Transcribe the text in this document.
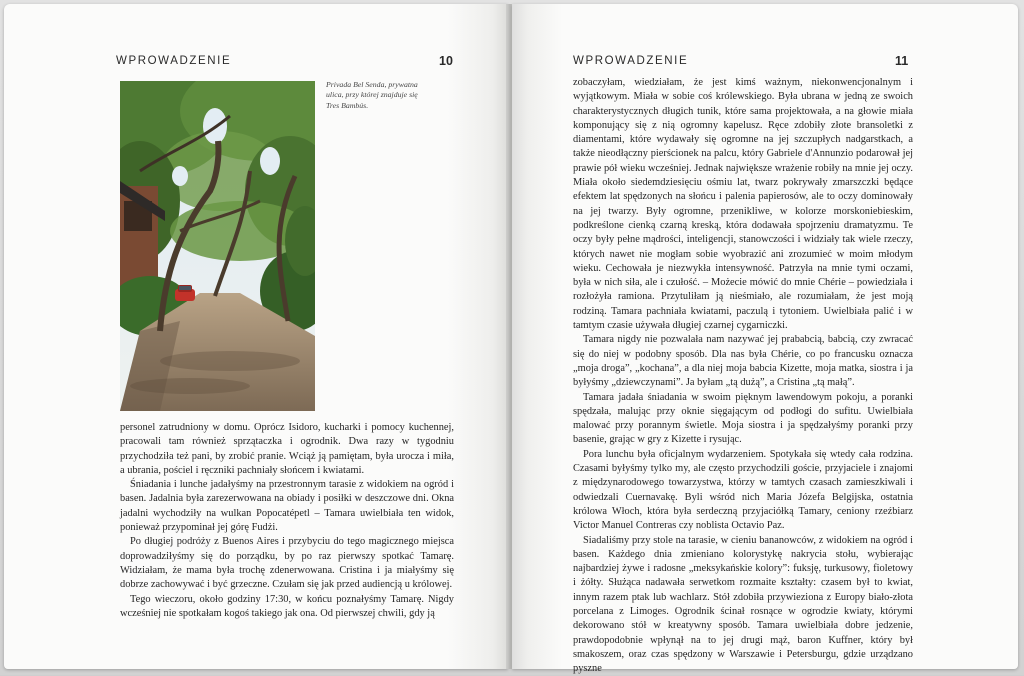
WPROWADZENIE	10
Privada Bel Senda, prywatna ulica, przy której znajduje się Tres Bambús.

personel zatrudniony w domu. Oprócz Isidoro, kucharki i pomocy kuchennej, pracowali tam również sprzątaczka i ogrodnik. Dwa razy w tygodniu przychodziła też pani, by zrobić pranie. Wciąż ją pamiętam, była urocza i miła, a ubrania, pościel i ręczniki pachniały słońcem i kwiatami.

Śniadania i lunche jadałyśmy na przestronnym tarasie z widokiem na ogród i basen. Jadalnia była zarezerwowana na obiady i posiłki w deszczowe dni. Okna jadalni wychodziły na wulkan Popocatépetl – Tamara uwielbiała ten widok, ponieważ przypominał jej górę Fudżi.

Po długiej podróży z Buenos Aires i przybyciu do tego magicznego miejsca doprowadziłyśmy się do porządku, by po raz pierwszy spotkać Tamarę. Widziałam, że mama była trochę zdenerwowana. Cristina i ja miałyśmy się dobrze zachowywać i być grzeczne. Czułam się jak przed audiencją u królowej.

Tego wieczoru, około godziny 17:30, w końcu poznałyśmy Tamarę. Nigdy wcześniej nie spotkałam kogoś takiego jak ona. Od pierwszej chwili, gdy ją

WPROWADZENIE	11

zobaczyłam, wiedziałam, że jest kimś ważnym, niekonwencjonalnym i wyjątkowym. Miała w sobie coś królewskiego. Była ubrana w jedną ze swoich charakterystycznych długich tunik, które sama projektowała, a na głowie miała komponujący się z nią ogromny kapelusz. Ręce zdobiły złote bransoletki z diamentami, które wydawały się ogromne na jej szczupłych nadgarstkach, a także nieodłączny pierścionek na palcu, który Gabriele d'Annunzio podarował jej prawie pół wieku wcześniej. Jednak największe wrażenie robiły na mnie jej oczy. Miała około siedemdziesięciu ośmiu lat, twarz pokrywały zmarszczki będące efektem lat spędzonych na słońcu i palenia papierosów, ale to oczy dominowały na jej twarzy. Były ogromne, przenikliwe, w kolorze morskoniebieskim, podkreślone cienką czarną kreską, która dodawała spojrzeniu dramatyzmu. Te oczy były pełne mądrości, inteligencji, stanowczości i widziały tak wiele rzeczy, których nawet nie mogłam sobie wyobrazić ani zrozumieć w moim młodym wieku. Cechowała je niezwykła intensywność. Patrzyła na mnie tymi oczami, była w nich siła, ale i czułość. – Możecie mówić do mnie Chérie – powiedziała i rozłożyła ramiona. Przytuliłam ją nieśmiało, ale rozumiałam, że jest moją rodziną. Tamara pachniała kwiatami, paczulą i tytoniem. Uwielbiała palić i w tamtym czasie używała długiej czarnej cygarniczki.

Tamara nigdy nie pozwalała nam nazywać jej prababcią, babcią, czy zwracać się do niej w podobny sposób. Dla nas była Chérie, co po francusku oznacza „moja droga”, „kochana”, a dla niej moja babcia Kizette, moja matka, siostra i ja byłyśmy „dziewczynami”. Ja byłam „tą dużą”, a Cristina „tą małą”.

Tamara jadała śniadania w swoim pięknym lawendowym pokoju, a poranki spędzała, malując przy oknie sięgającym od podłogi do sufitu. Uwielbiała malować przy porannym świetle. Moja siostra i ja spędzałyśmy poranki przy basenie, grając w gry z Kizette i rysując.

Pora lunchu była oficjalnym wydarzeniem. Spotykała się wtedy cała rodzina. Czasami byłyśmy tylko my, ale często przychodzili goście, przyjaciele i znajomi z międzynarodowego towarzystwa, którzy w tamtych czasach zamieszkiwali i odwiedzali Cuernavakę. Byli wśród nich Maria Józefa Belgijska, ostatnia królowa Włoch, która była serdeczną przyjaciółką Tamary, ceniony rzeźbiarz Victor Manuel Contreras czy noblista Octavio Paz.

Siadaliśmy przy stole na tarasie, w cieniu bananowców, z widokiem na ogród i basen. Każdego dnia zmieniano kolorystykę nakrycia stołu, wybierając najbardziej żywe i radosne „meksykańskie kolory”: fuksję, turkusowy, fioletowy i żółty. Służąca nadawała serwetkom rozmaite kształty: czasem był to kwiat, innym razem ptak lub wachlarz. Stół zdobiła przywieziona z Europy biało-złota porcelana z Limoges. Ogrodnik ścinał rosnące w ogrodzie kwiaty, którymi dekorowano stół w kreatywny sposób. Tamara uwielbiała dobre jedzenie, prawdopodobnie wpłynął na to jej drugi mąż, baron Kuffner, który był smakoszem, oraz czas spędzony w Warszawie i Petersburgu, gdzie urządzano pyszne
